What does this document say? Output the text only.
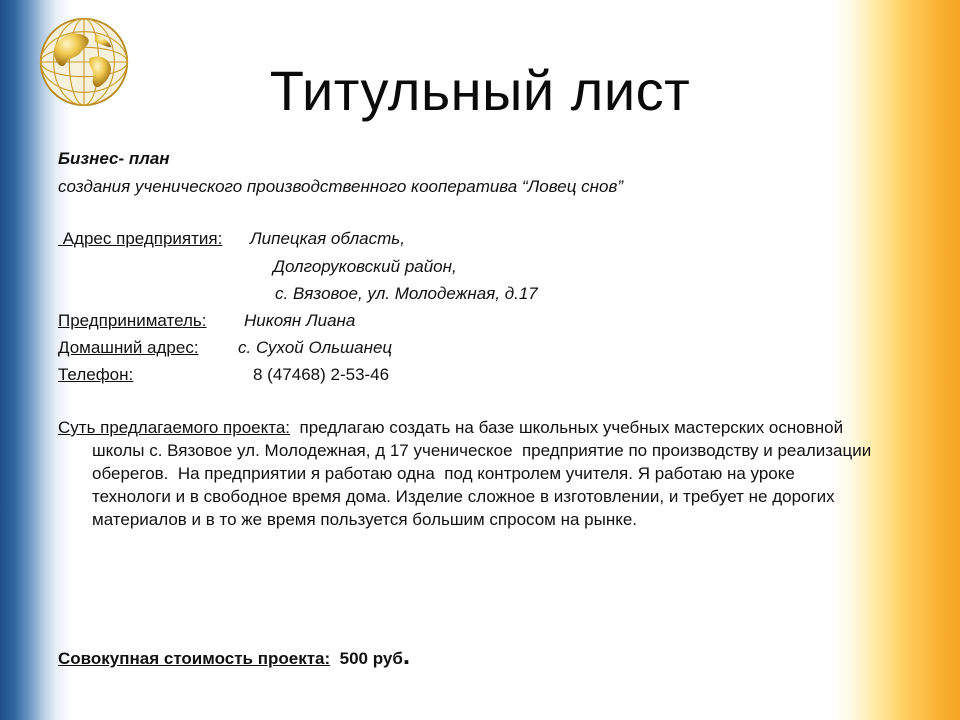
Титульный лист
Бизнес- план
создания ученического производственного кооператива “Ловец снов”
Адрес предприятия: Липецкая область,
Долгоруковский район,
с. Вязовое, ул. Молодежная, д.17
Предприниматель: Никоян Лиана
Домашний адрес: с. Сухой Ольшанец
Телефон:	8 (47468) 2-53-46

Суть предлагаемого проекта:  предлагаю создать на базе школьных учебных мастерских основной школы с. Вязовое ул. Молодежная, д 17 ученическое  предприятие по производству и реализации  оберегов.  На предприятии я работаю одна  под контролем учителя. Я работаю на уроке технологи и в свободное время дома. Изделие сложное в изготовлении, и требует не дорогих материалов и в то же время пользуется большим спросом на рынке.

Совокупная стоимость проекта: 500 руб.
